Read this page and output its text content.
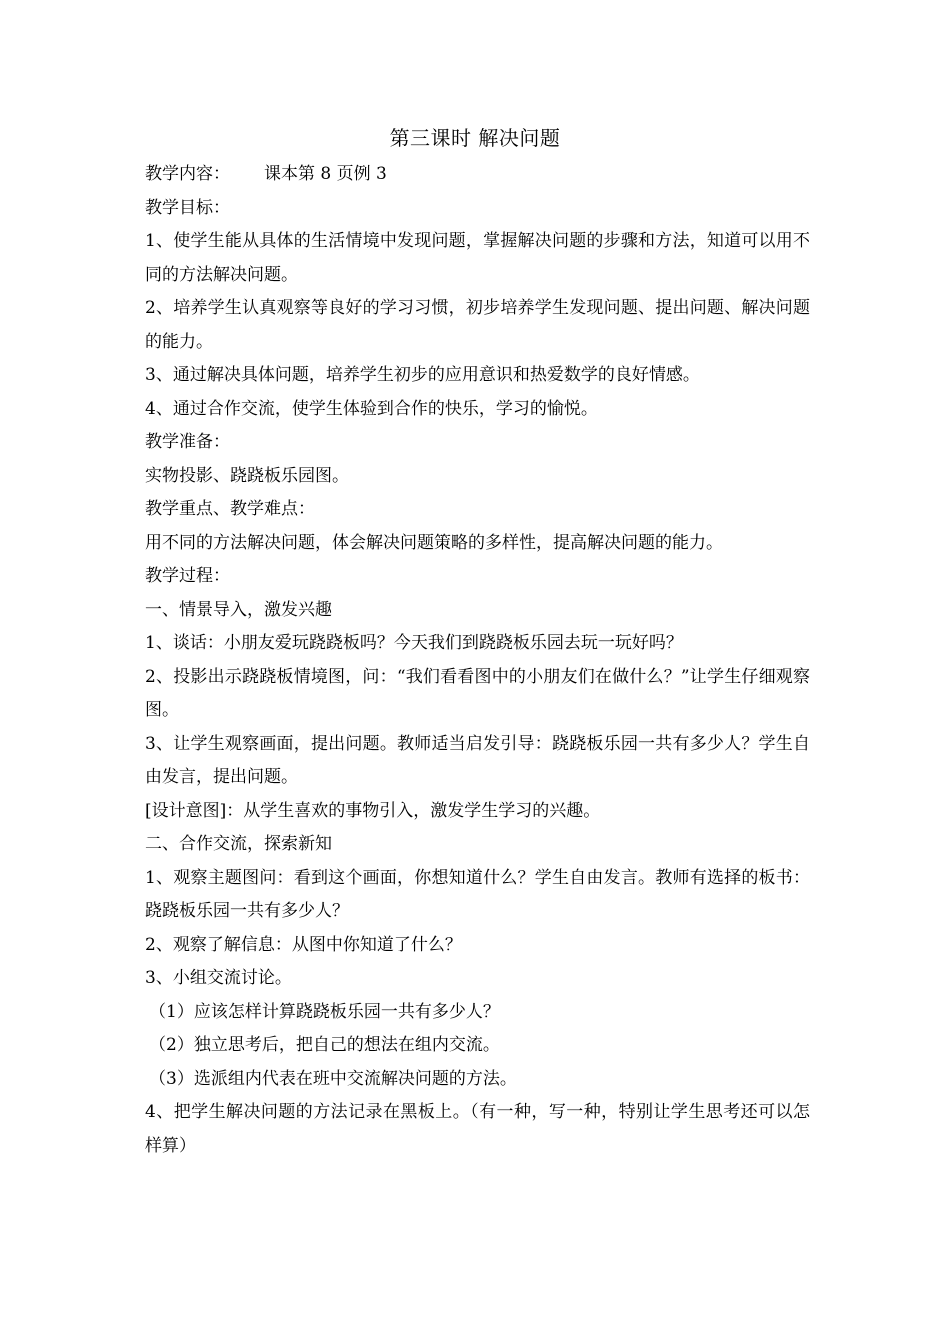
第三课时 解决问题

教学内容： 课本第 8 页例 3

教学目标：

1、使学生能从具体的生活情境中发现问题，掌握解决问题的步骤和方法，知道可以用不同的方法解决问题。

2、培养学生认真观察等良好的学习习惯，初步培养学生发现问题、提出问题、解决问题的能力。

3、通过解决具体问题，培养学生初步的应用意识和热爱数学的良好情感。

4、通过合作交流，使学生体验到合作的快乐，学习的愉悦。

教学准备：

实物投影、跷跷板乐园图。

教学重点、教学难点：

用不同的方法解决问题，体会解决问题策略的多样性，提高解决问题的能力。

教学过程：

一、情景导入，激发兴趣

1、谈话：小朋友爱玩跷跷板吗？今天我们到跷跷板乐园去玩一玩好吗？

2、投影出示跷跷板情境图，问：“我们看看图中的小朋友们在做什么？”让学生仔细观察图。

3、让学生观察画面，提出问题。教师适当启发引导：跷跷板乐园一共有多少人？学生自由发言，提出问题。

[设计意图]：从学生喜欢的事物引入，激发学生学习的兴趣。

二、合作交流，探索新知

1、观察主题图问：看到这个画面，你想知道什么？学生自由发言。教师有选择的板书：跷跷板乐园一共有多少人？

2、观察了解信息：从图中你知道了什么？

3、小组交流讨论。

（1）应该怎样计算跷跷板乐园一共有多少人？

（2）独立思考后，把自己的想法在组内交流。

（3）选派组内代表在班中交流解决问题的方法。

4、把学生解决问题的方法记录在黑板上。（有一种，写一种，特别让学生思考还可以怎样算）
